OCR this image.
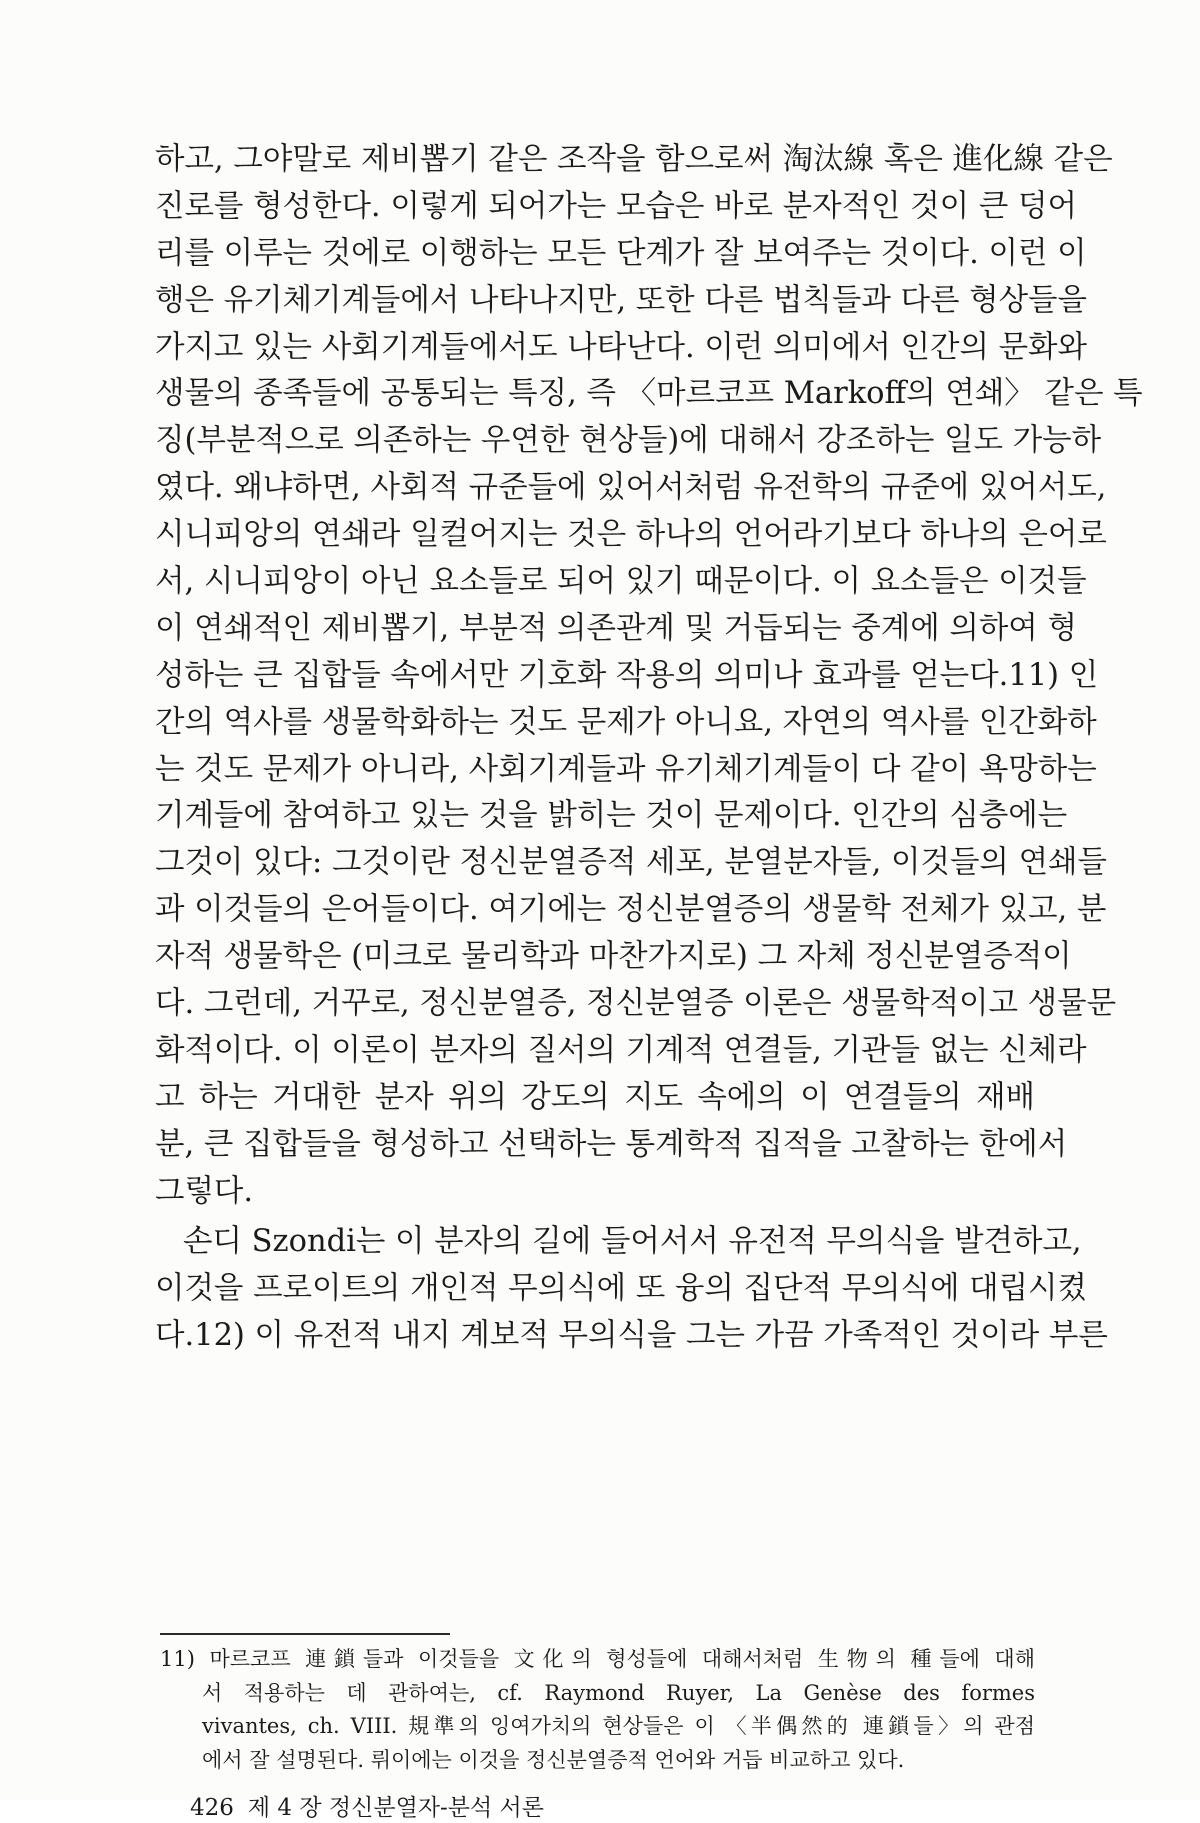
하고, 그야말로 제비뽑기 같은 조작을 함으로써 淘汰線 혹은 進化線 같은
진로를 형성한다. 이렇게 되어가는 모습은 바로 분자적인 것이 큰 덩어
리를 이루는 것에로 이행하는 모든 단계가 잘 보여주는 것이다. 이런 이
행은 유기체기계들에서 나타나지만, 또한 다른 법칙들과 다른 형상들을
가지고 있는 사회기계들에서도 나타난다. 이런 의미에서 인간의 문화와
생물의 종족들에 공통되는 특징, 즉 〈마르코프 Markoff의 연쇄〉 같은 특
징(부분적으로 의존하는 우연한 현상들)에 대해서 강조하는 일도 가능하
였다. 왜냐하면, 사회적 규준들에 있어서처럼 유전학의 규준에 있어서도,
시니피앙의 연쇄라 일컬어지는 것은 하나의 언어라기보다 하나의 은어로
서, 시니피앙이 아닌 요소들로 되어 있기 때문이다. 이 요소들은 이것들
이 연쇄적인 제비뽑기, 부분적 의존관계 및 거듭되는 중계에 의하여 형
성하는 큰 집합들 속에서만 기호화 작용의 의미나 효과를 얻는다.11) 인
간의 역사를 생물학화하는 것도 문제가 아니요, 자연의 역사를 인간화하
는 것도 문제가 아니라, 사회기계들과 유기체기계들이 다 같이 욕망하는
기계들에 참여하고 있는 것을 밝히는 것이 문제이다. 인간의 심층에는
그것이 있다: 그것이란 정신분열증적 세포, 분열분자들, 이것들의 연쇄들
과 이것들의 은어들이다. 여기에는 정신분열증의 생물학 전체가 있고, 분
자적 생물학은 (미크로 물리학과 마찬가지로) 그 자체 정신분열증적이
다. 그런데, 거꾸로, 정신분열증, 정신분열증 이론은 생물학적이고 생물문
화적이다. 이 이론이 분자의 질서의 기계적 연결들, 기관들 없는 신체라
고 하는 거대한 분자 위의 강도의 지도 속에의 이 연결들의 재배
분, 큰 집합들을 형성하고 선택하는 통계학적 집적을 고찰하는 한에서
그렇다.
손디 Szondi는 이 분자의 길에 들어서서 유전적 무의식을 발견하고,
이것을 프로이트의 개인적 무의식에 또 융의 집단적 무의식에 대립시켰
다.12) 이 유전적 내지 계보적 무의식을 그는 가끔 가족적인 것이라 부른
11) 마르코프 連鎖들과 이것들을 文化의 형성들에 대해서처럼 生物의 種들에 대해
서 적용하는 데 관하여는, cf. Raymond Ruyer, La Genèse des formes
vivantes, ch. VIII. 規準의 잉여가치의 현상들은 이 〈半偶然的 連鎖들〉의 관점
에서 잘 설명된다. 뤼이에는 이것을 정신분열증적 언어와 거듭 비교하고 있다.
426 제 4 장 정신분열자-분석 서론
